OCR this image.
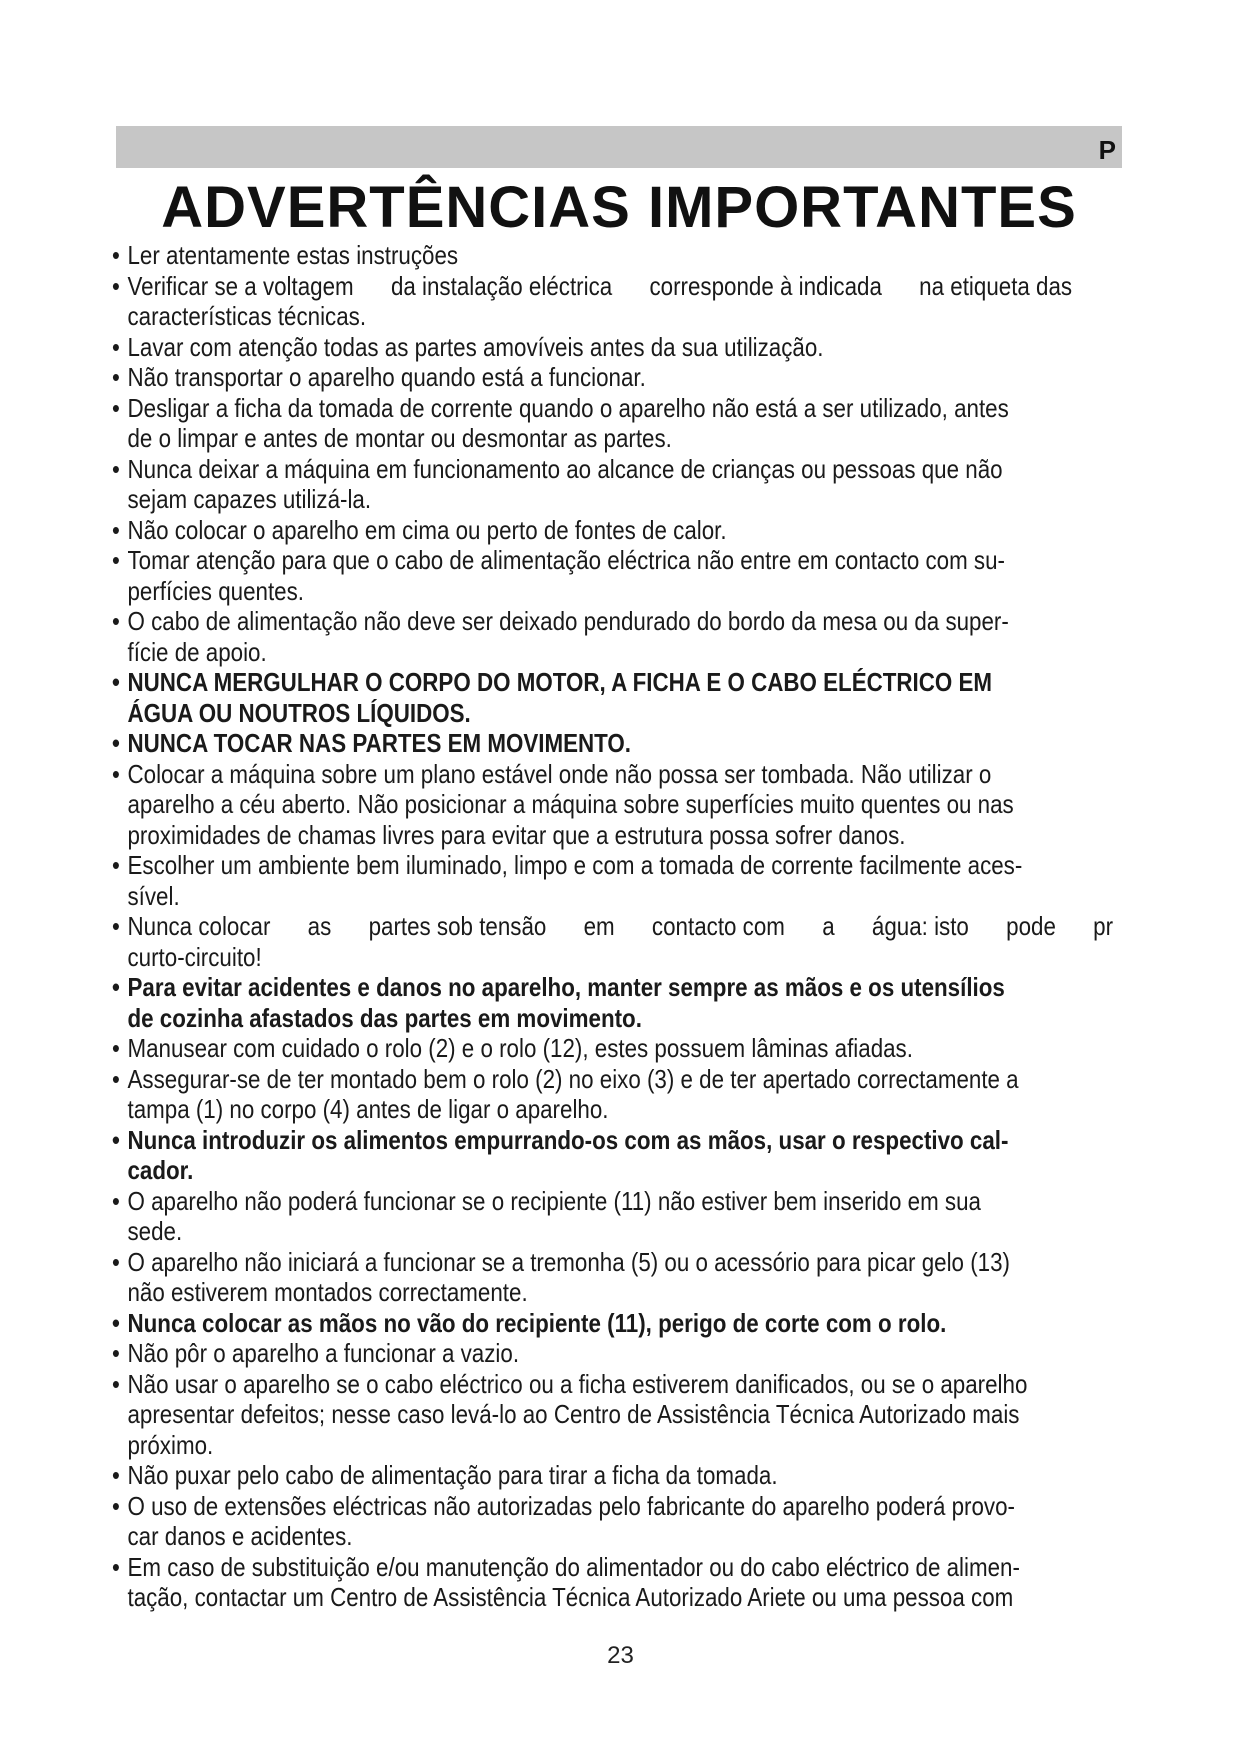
P
ADVERTÊNCIAS IMPORTANTES
• Ler atentamente estas instruções
• Verificar se a voltagem      da instalação eléctrica      corresponde à indicada      na etiqueta das
características técnicas.
• Lavar com atenção todas as partes amovíveis antes da sua utilização.
• Não transportar o aparelho quando está a funcionar.
• Desligar a ficha da tomada de corrente quando o aparelho não está a ser utilizado, antes
de o limpar e antes de montar ou desmontar as partes.
• Nunca deixar a máquina em funcionamento ao alcance de crianças ou pessoas que não
sejam capazes utilizá-la.
• Não colocar o aparelho em cima ou perto de fontes de calor.
• Tomar atenção para que o cabo de alimentação eléctrica não entre em contacto com su-
perfícies quentes.
• O cabo de alimentação não deve ser deixado pendurado do bordo da mesa ou da super-
fície de apoio.
• NUNCA MERGULHAR O CORPO DO MOTOR, A FICHA E O CABO ELÉCTRICO EM
ÁGUA OU NOUTROS LÍQUIDOS.
• NUNCA TOCAR NAS PARTES EM MOVIMENTO.
• Colocar a máquina sobre um plano estável onde não possa ser tombada. Não utilizar o
aparelho a céu aberto. Não posicionar a máquina sobre superfícies muito quentes ou nas
proximidades de chamas livres para evitar que a estrutura possa sofrer danos.
• Escolher um ambiente bem iluminado, limpo e com a tomada de corrente facilmente aces-
sível.
• Nunca colocar      as      partes sob tensão      em      contacto com      a      água: isto      pode      pr
curto-circuito!
• Para evitar acidentes e danos no aparelho, manter sempre as mãos e os utensílios
de cozinha afastados das partes em movimento.
• Manusear com cuidado o rolo (2) e o rolo (12), estes possuem lâminas afiadas.
• Assegurar-se de ter montado bem o rolo (2) no eixo (3) e de ter apertado correctamente a
tampa (1) no corpo (4) antes de ligar o aparelho.
• Nunca introduzir os alimentos empurrando-os com as mãos, usar o respectivo cal-
cador.
• O aparelho não poderá funcionar se o recipiente (11) não estiver bem inserido em sua
sede.
• O aparelho não iniciará a funcionar se a tremonha (5) ou o acessório para picar gelo (13)
não estiverem montados correctamente.
• Nunca colocar as mãos no vão do recipiente (11), perigo de corte com o rolo.
• Não pôr o aparelho a funcionar a vazio.
• Não usar o aparelho se o cabo eléctrico ou a ficha estiverem danificados, ou se o aparelho
apresentar defeitos; nesse caso levá-lo ao Centro de Assistência Técnica Autorizado mais
próximo.
• Não puxar pelo cabo de alimentação para tirar a ficha da tomada.
• O uso de extensões eléctricas não autorizadas pelo fabricante do aparelho poderá provo-
car danos e acidentes.
• Em caso de substituição e/ou manutenção do alimentador ou do cabo eléctrico de alimen-
tação, contactar um Centro de Assistência Técnica Autorizado Ariete ou uma pessoa com
23
